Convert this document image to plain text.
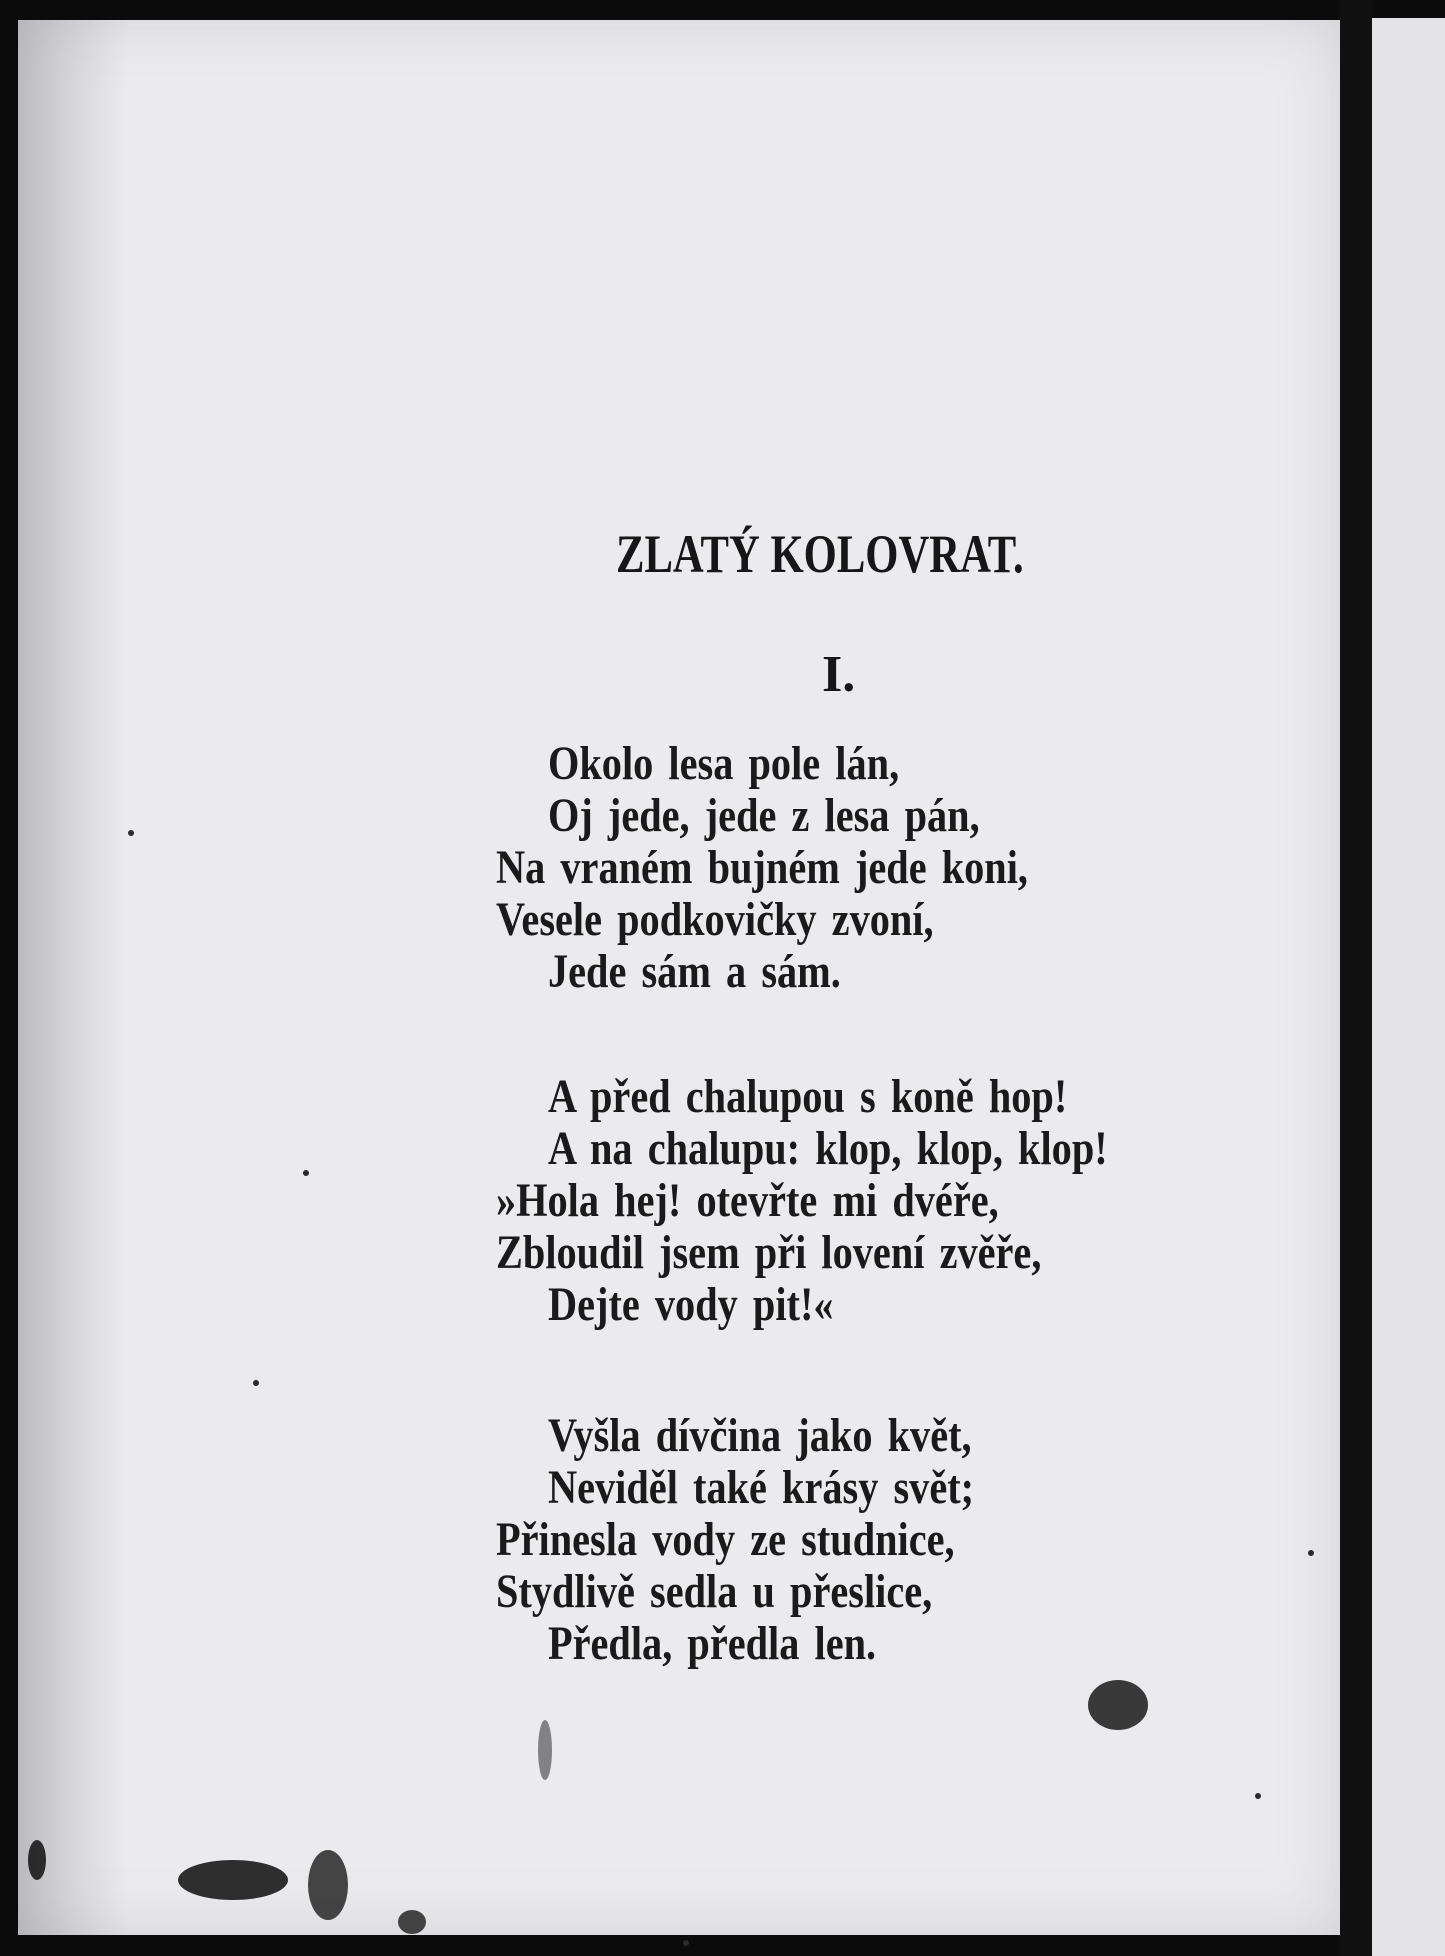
ZLATÝ KOLOVRAT.
I.

Okolo lesa pole lán,

Oj jede, jede z lesa pán,

Na vraném bujném jede koni,

Vesele podkovičky zvoní,

Jede sám a sám.

A před chalupou s koně hop!

A na chalupu: klop, klop, klop!

»Hola hej! otevřte mi dvéře,

Zbloudil jsem při lovení zvěře,

Dejte vody pit!«

Vyšla dívčina jako květ,

Neviděl také krásy svět;

Přinesla vody ze studnice,

Stydlivě sedla u přeslice,

Předla, předla len.
